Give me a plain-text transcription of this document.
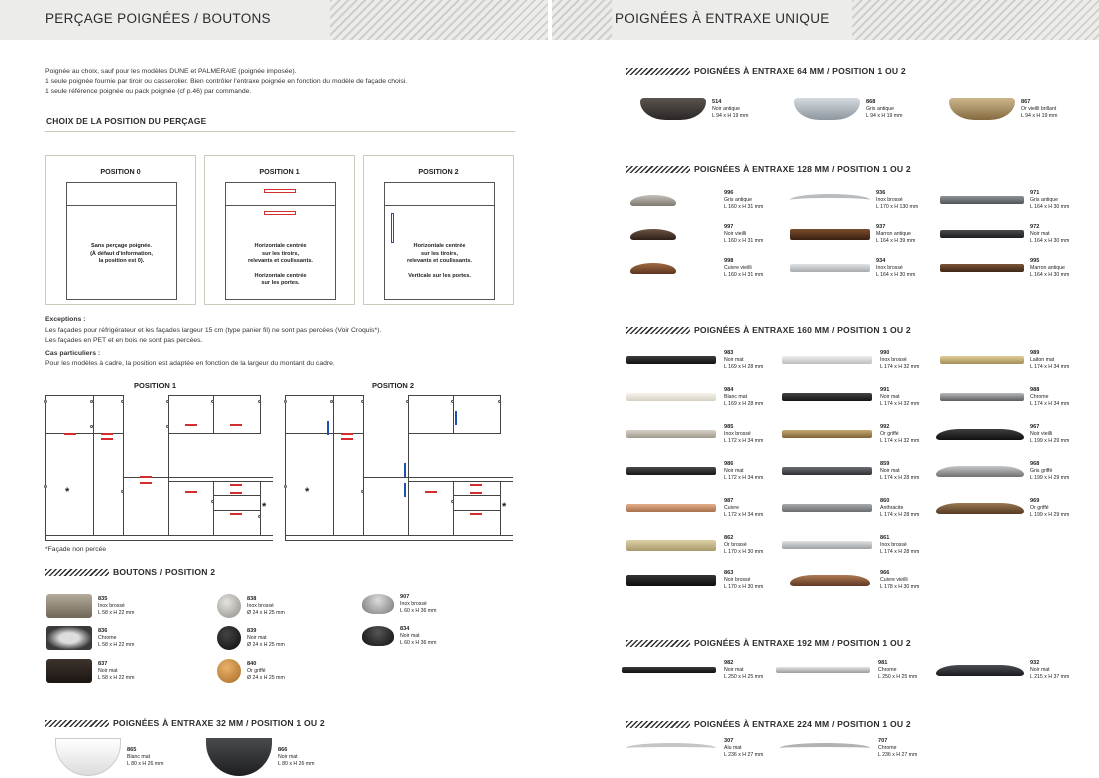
PERÇAGE POIGNÉES / BOUTONS	POIGNÉES À ENTRAXE UNIQUE
Poignée au choix, sauf pour les modèles DUNE et PALMERAIE (poignée imposée).
1 seule poignée fournie par tiroir ou casserolier. Bien contrôler l'entraxe poignée en fonction du modèle de façade choisi.
1 seule référence poignée ou pack poignée (cf p.46) par commande.
CHOIX DE LA POSITION DU PERÇAGE
POSITION 0
Sans perçage poignée.
(À défaut d'information,
la position est 0).
POSITION 1
Horizontale centrée
sur les tiroirs,
relevants et coulissants.
Horizontale centrée
sur les portes.
POSITION 2
Horizontale centrée
sur les tiroirs,
relevants et coulissants.
Verticale sur les portes.
Exceptions :
Les façades pour réfrigérateur et les façades largeur 15 cm (type panier fil) ne sont pas percées (Voir Croquis*).
Les façades en PET et en bois ne sont pas percées.
Cas particuliers :
Pour les modèles à cadre, la position est adaptée en fonction de la largeur du montant du cadre.
POSITION 1	POSITION 2
*
*
*
*
*Façade non percée
BOUTONS / POSITION 2
835
Inox brossé
L 58 x H 22 mm
836
Chrome
L 58 x H 22 mm
837
Noir mat
L 58 x H 22 mm
838
Inox brossé
Ø 24 x H 25 mm
839
Noir mat
Ø 24 x H 25 mm
840
Or griffé
Ø 24 x H 25 mm
907
Inox brossé
L 60 x H 36 mm
834
Noir mat
L 60 x H 36 mm
POIGNÉES À ENTRAXE 32 MM / POSITION 1 OU 2
865
Blanc mat
L 80 x H 26 mm
866
Noir mat
L 80 x H 26 mm
POIGNÉES À ENTRAXE 64 MM / POSITION 1 OU 2
514
Noir antique
L 94 x H 19 mm
868
Gris antique
L 94 x H 19 mm
867
Or vieilli brillant
L 94 x H 19 mm
POIGNÉES À ENTRAXE 128 MM / POSITION 1 OU 2
996
Gris antique
L 160 x H 31 mm
997
Noir vieilli
L 160 x H 31 mm
998
Cuivre vieilli
L 160 x H 31 mm
936
Inox brossé
L 170 x H 130 mm
937
Marron antique
L 164 x H 39 mm
934
Inox brossé
L 164 x H 30 mm
971
Gris antique
L 164 x H 30 mm
972
Noir mat
L 164 x H 30 mm
995
Marron antique
L 164 x H 30 mm
POIGNÉES À ENTRAXE 160 MM / POSITION 1 OU 2
983
Noir mat
L 169 x H 28 mm
984
Blanc mat
L 169 x H 28 mm
985
Inox brossé
L 172 x H 34 mm
986
Noir mat
L 172 x H 34 mm
987
Cuivre
L 172 x H 34 mm
862
Or brossé
L 170 x H 30 mm
863
Noir brossé
L 170 x H 30 mm
990
Inox brossé
L 174 x H 32 mm
991
Noir mat
L 174 x H 32 mm
992
Or griffé
L 174 x H 32 mm
859
Noir mat
L 174 x H 28 mm
860
Anthracite
L 174 x H 28 mm
861
Inox brossé
L 174 x H 28 mm
966
Cuivre vieilli
L 178 x H 30 mm
989
Laiton mat
L 174 x H 34 mm
988
Chrome
L 174 x H 34 mm
967
Noir vieilli
L 199 x H 29 mm
968
Gris griffé
L 199 x H 29 mm
969
Or griffé
L 199 x H 29 mm
POIGNÉES À ENTRAXE 192 MM / POSITION 1 OU 2
982
Noir mat
L 250 x H 25 mm
981
Chrome
L 250 x H 25 mm
932
Noir mat
L 215 x H 37 mm
POIGNÉES À ENTRAXE 224 MM / POSITION 1 OU 2
307
Alu mat
L 236 x H 27 mm
707
Chrome
L 236 x H 27 mm
